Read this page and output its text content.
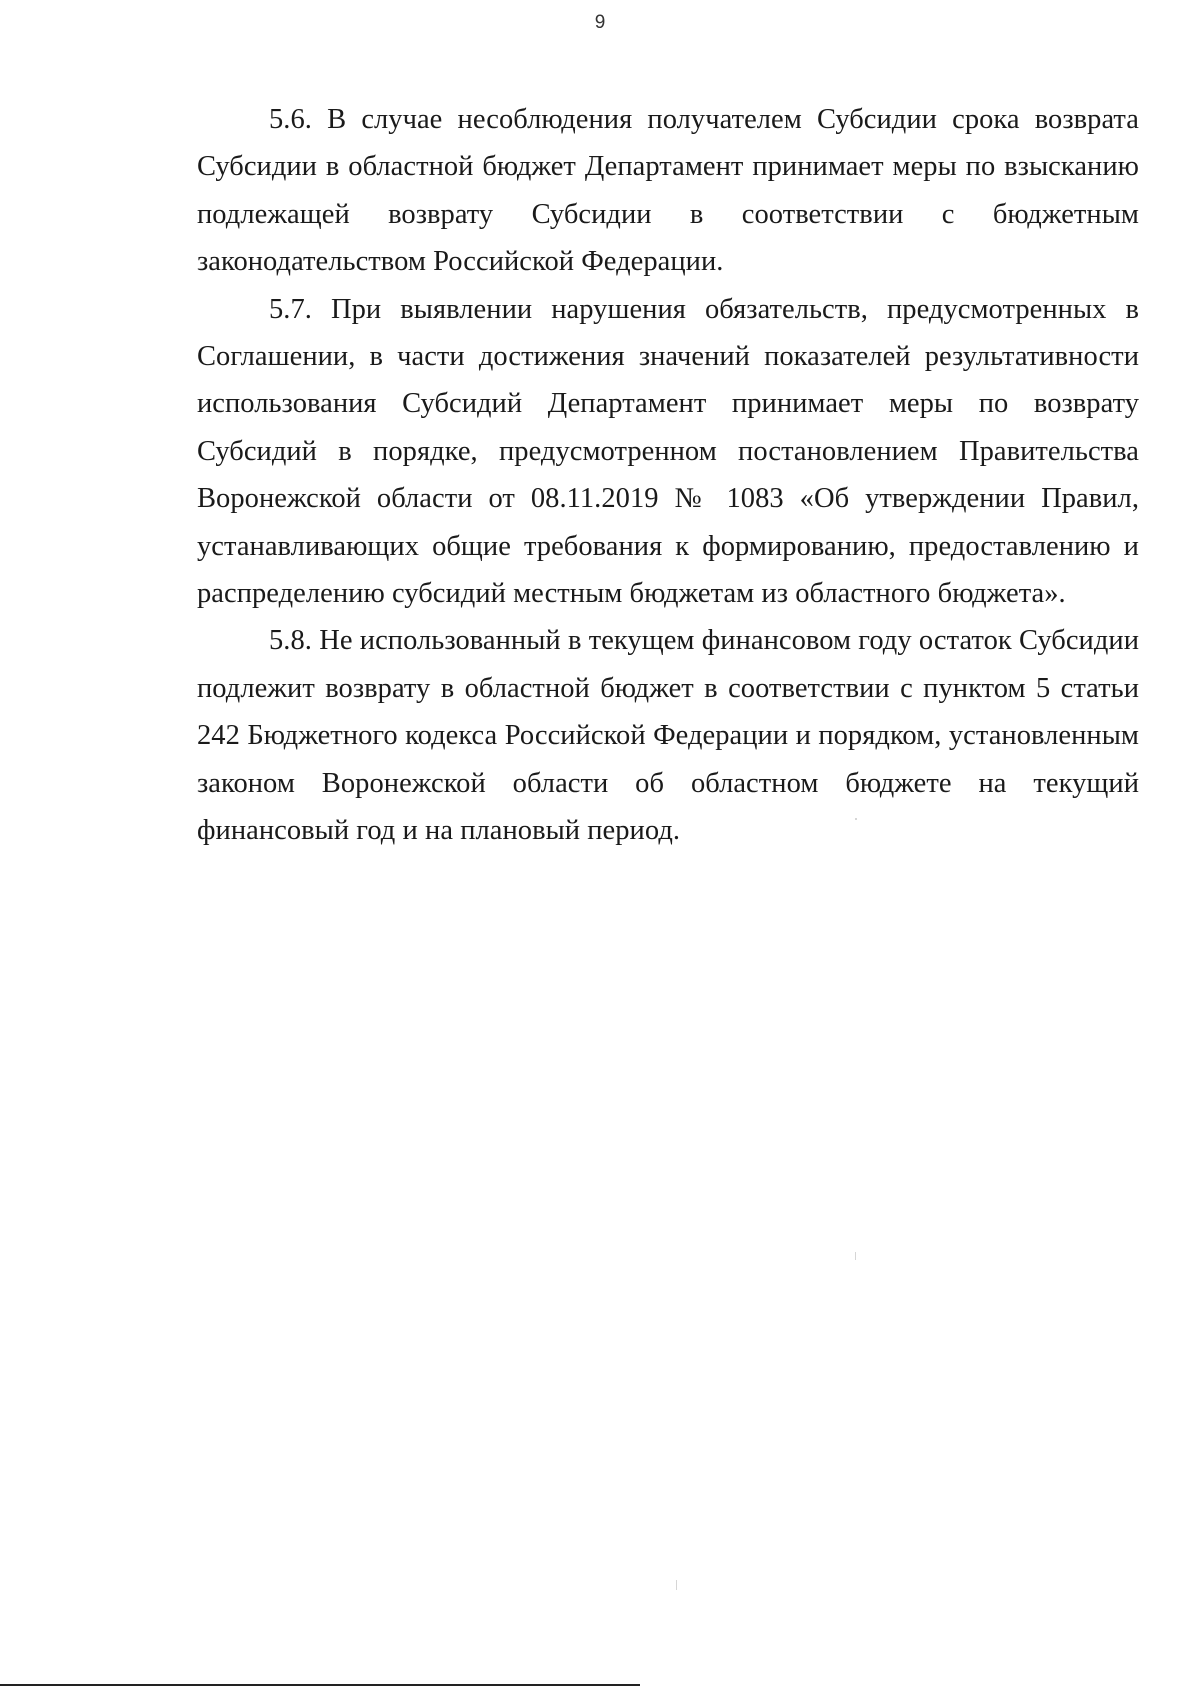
9

5.6. В случае несоблюдения получателем Субсидии срока возврата Субсидии в областной бюджет Департамент принимает меры по взысканию подлежащей возврату Субсидии в соответствии с бюджетным законодательством Российской Федерации.

5.7. При выявлении нарушения обязательств, предусмотренных в Соглашении, в части достижения значений показателей результативности использования Субсидий Департамент принимает меры по возврату Субсидий в порядке, предусмотренном постановлением Правительства Воронежской области от 08.11.2019 № 1083 «Об утверждении Правил, устанавливающих общие требования к формированию, предоставлению и распределению субсидий местным бюджетам из областного бюджета».

5.8. Не использованный в текущем финансовом году остаток Субсидии подлежит возврату в областной бюджет в соответствии с пунктом 5 статьи 242 Бюджетного кодекса Российской Федерации и порядком, установленным законом Воронежской области об областном бюджете на текущий финансовый год и на плановый период.
